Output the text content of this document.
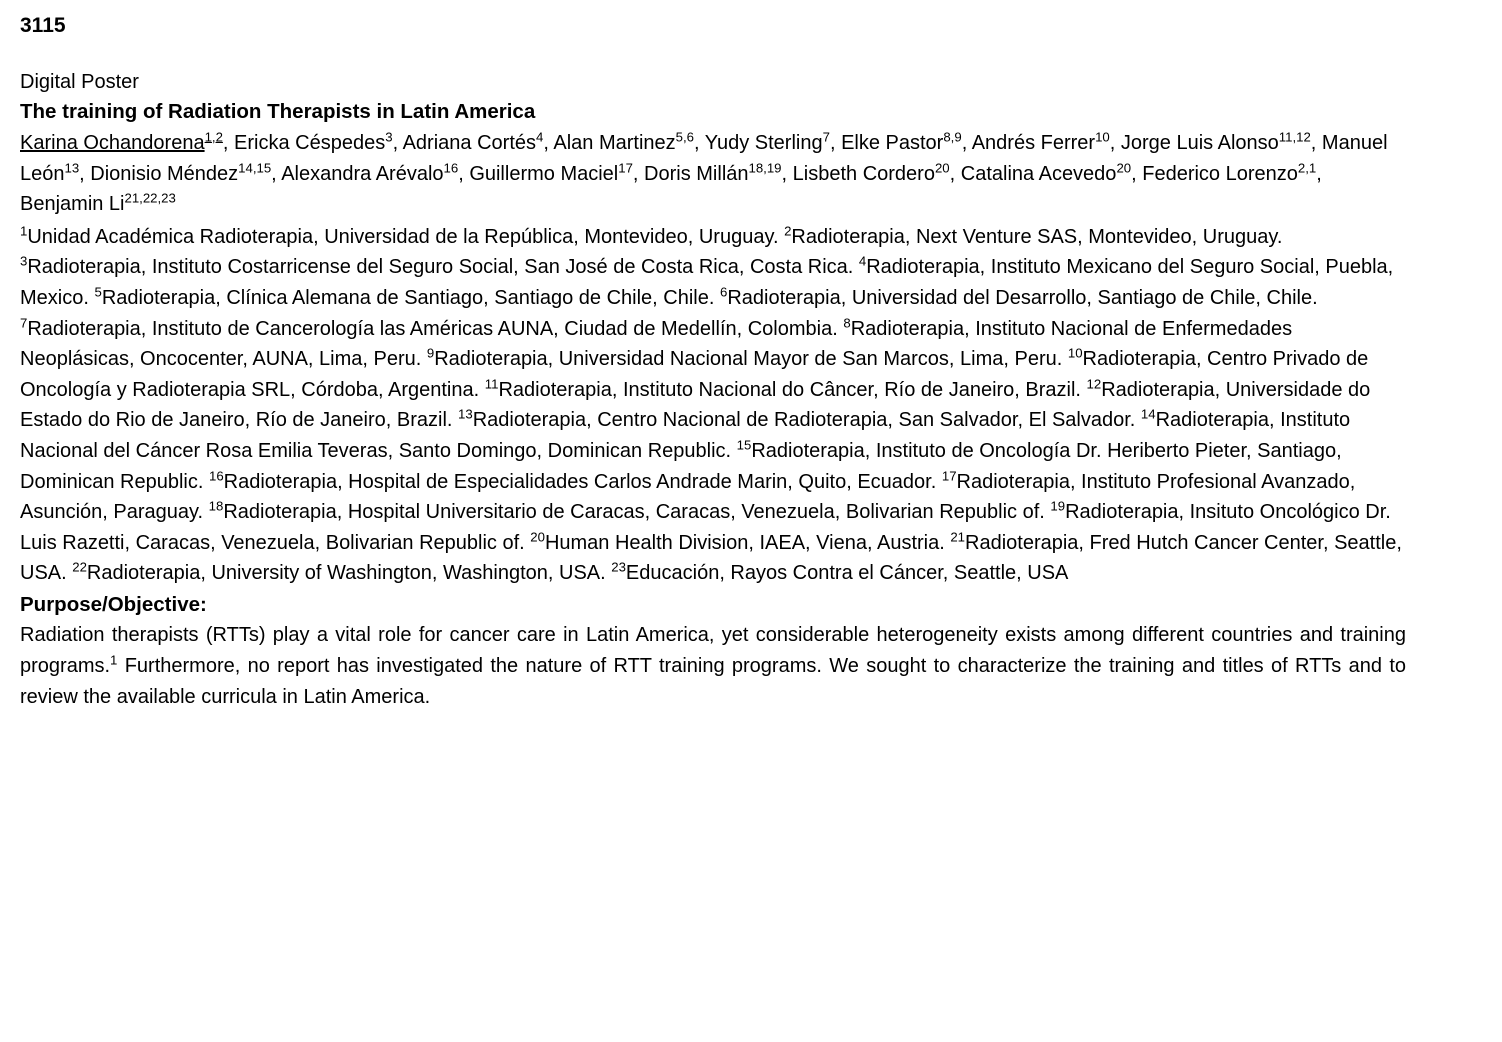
3115
Digital Poster
The training of Radiation Therapists in Latin America
Karina Ochandorena$^{1,2}$, Ericka Céspedes$^3$, Adriana Cortés$^4$, Alan Martinez$^{5,6}$, Yudy Sterling$^7$, Elke Pastor$^{8,9}$, Andrés Ferrer$^{10}$, Jorge Luis Alonso$^{11,12}$, Manuel León$^{13}$, Dionisio Méndez$^{14,15}$, Alexandra Arévalo$^{16}$, Guillermo Maciel$^{17}$, Doris Millán$^{18,19}$, Lisbeth Cordero$^{20}$, Catalina Acevedo$^{20}$, Federico Lorenzo$^{2,1}$, Benjamin Li$^{21,22,23}$
$^1$Unidad Académica Radioterapia, Universidad de la República, Montevideo, Uruguay. $^2$Radioterapia, Next Venture SAS, Montevideo, Uruguay. $^3$Radioterapia, Instituto Costarricense del Seguro Social, San José de Costa Rica, Costa Rica. $^4$Radioterapia, Instituto Mexicano del Seguro Social, Puebla, Mexico. $^5$Radioterapia, Clínica Alemana de Santiago, Santiago de Chile, Chile. $^6$Radioterapia, Universidad del Desarrollo, Santiago de Chile, Chile. $^7$Radioterapia, Instituto de Cancerología las Américas AUNA, Ciudad de Medellín, Colombia. $^8$Radioterapia, Instituto Nacional de Enfermedades Neoplásicas, Oncocenter, AUNA, Lima, Peru. $^9$Radioterapia, Universidad Nacional Mayor de San Marcos, Lima, Peru. $^{10}$Radioterapia, Centro Privado de Oncología y Radioterapia SRL, Córdoba, Argentina. $^{11}$Radioterapia, Instituto Nacional do Câncer, Río de Janeiro, Brazil. $^{12}$Radioterapia, Universidade do Estado do Rio de Janeiro, Río de Janeiro, Brazil. $^{13}$Radioterapia, Centro Nacional de Radioterapia, San Salvador, El Salvador. $^{14}$Radioterapia, Instituto Nacional del Cáncer Rosa Emilia Teveras, Santo Domingo, Dominican Republic. $^{15}$Radioterapia, Instituto de Oncología Dr. Heriberto Pieter, Santiago, Dominican Republic. $^{16}$Radioterapia, Hospital de Especialidades Carlos Andrade Marin, Quito, Ecuador. $^{17}$Radioterapia, Instituto Profesional Avanzado, Asunción, Paraguay. $^{18}$Radioterapia, Hospital Universitario de Caracas, Caracas, Venezuela, Bolivarian Republic of. $^{19}$Radioterapia, Insituto Oncológico Dr. Luis Razetti, Caracas, Venezuela, Bolivarian Republic of. $^{20}$Human Health Division, IAEA, Viena, Austria. $^{21}$Radioterapia, Fred Hutch Cancer Center, Seattle, USA. $^{22}$Radioterapia, University of Washington, Washington, USA. $^{23}$Educación, Rayos Contra el Cáncer, Seattle, USA
Purpose/Objective:
Radiation therapists (RTTs) play a vital role for cancer care in Latin America, yet considerable heterogeneity exists among different countries and training programs.$^1$ Furthermore, no report has investigated the nature of RTT training programs. We sought to characterize the training and titles of RTTs and to review the available curricula in Latin America.
